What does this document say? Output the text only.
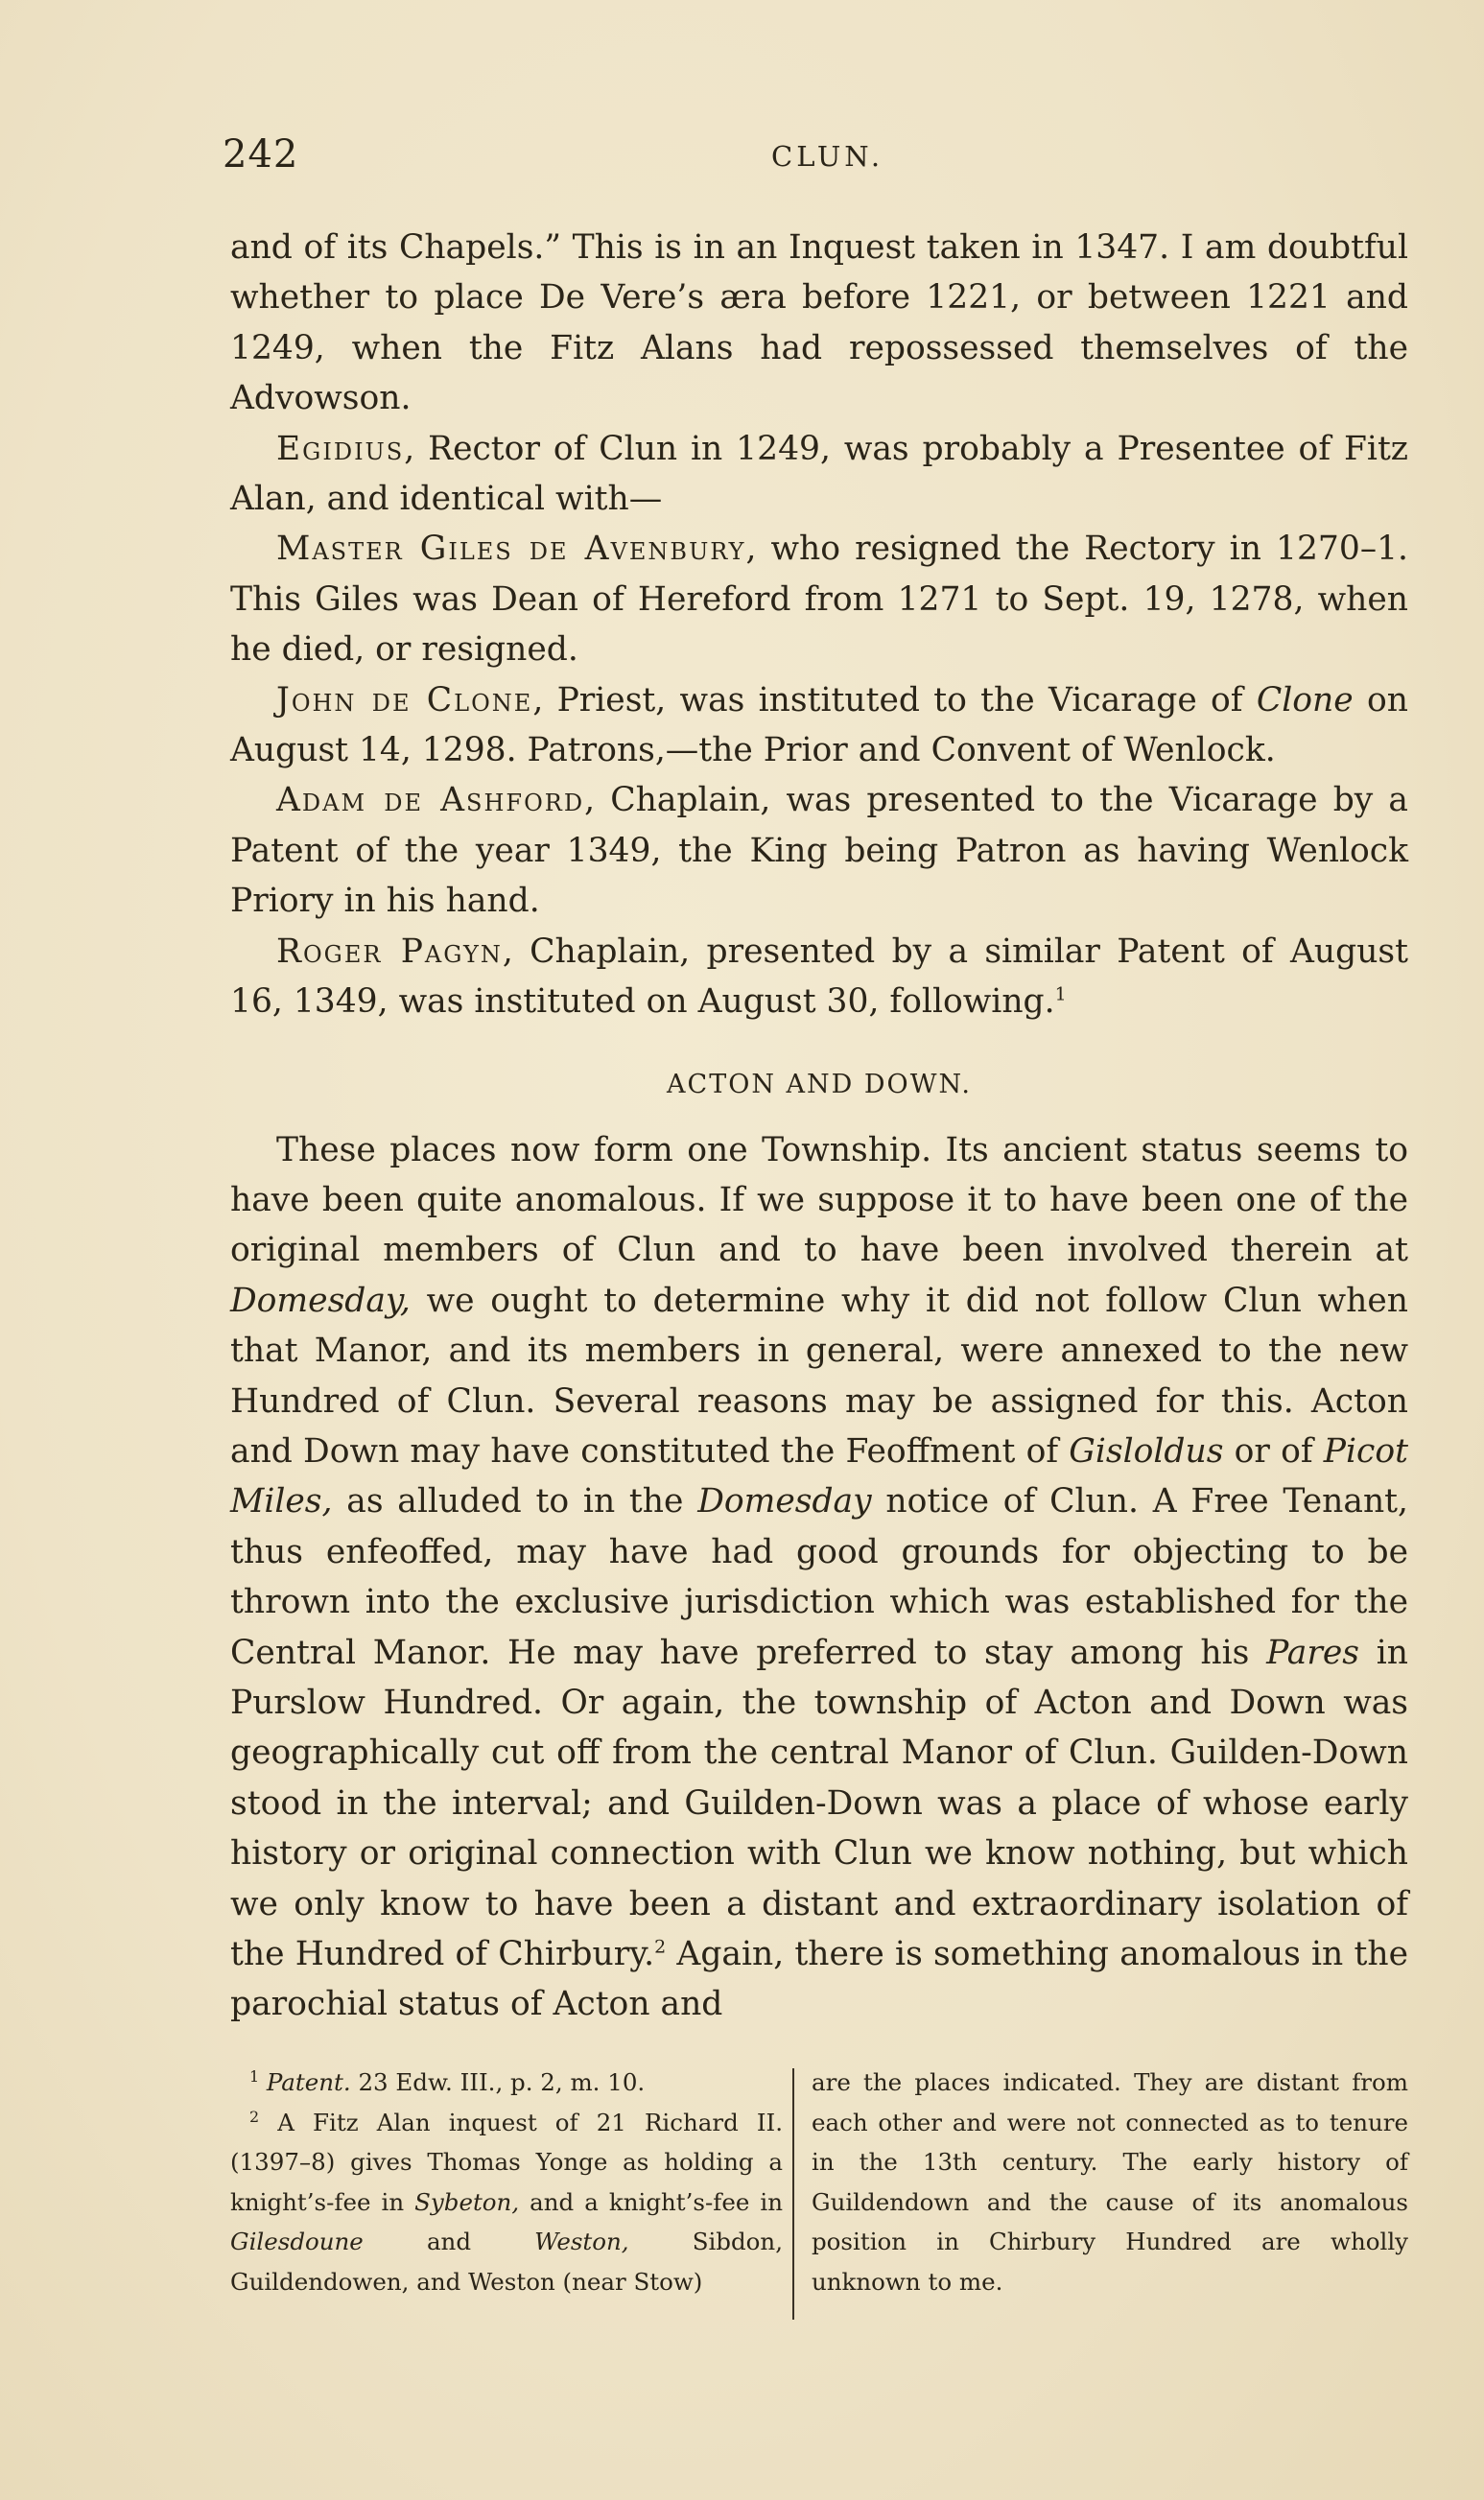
242	CLUN.

and of its Chapels.” This is in an Inquest taken in 1347. I am doubtful whether to place De Vere’s æra before 1221, or between 1221 and 1249, when the Fitz Alans had repossessed themselves of the Advowson.

Egidius, Rector of Clun in 1249, was probably a Presentee of Fitz Alan, and identical with—

Master Giles de Avenbury, who resigned the Rectory in 1270–1. This Giles was Dean of Hereford from 1271 to Sept. 19, 1278, when he died, or resigned.

John de Clone, Priest, was instituted to the Vicarage of Clone on August 14, 1298. Patrons,—the Prior and Convent of Wenlock.

Adam de Ashford, Chaplain, was presented to the Vicarage by a Patent of the year 1349, the King being Patron as having Wenlock Priory in his hand.

Roger Pagyn, Chaplain, presented by a similar Patent of August 16, 1349, was instituted on August 30, following.$^1$

ACTON AND DOWN.

These places now form one Township. Its ancient status seems to have been quite anomalous. If we suppose it to have been one of the original members of Clun and to have been involved therein at Domesday, we ought to determine why it did not follow Clun when that Manor, and its members in general, were annexed to the new Hundred of Clun. Several reasons may be assigned for this. Acton and Down may have constituted the Feoffment of Gisloldus or of Picot Miles, as alluded to in the Domesday notice of Clun. A Free Tenant, thus enfeoffed, may have had good grounds for objecting to be thrown into the exclusive jurisdiction which was established for the Central Manor. He may have preferred to stay among his Pares in Purslow Hundred. Or again, the township of Acton and Down was geographically cut off from the central Manor of Clun. Guilden-Down stood in the interval; and Guilden-Down was a place of whose early history or original connection with Clun we know nothing, but which we only know to have been a distant and extraordinary isolation of the Hundred of Chirbury.$^2$ Again, there is something anomalous in the parochial status of Acton and

$^1$ Patent. 23 Edw. III., p. 2, m. 10.

$^2$ A Fitz Alan inquest of 21 Richard II. (1397–8) gives Thomas Yonge as holding a knight’s-fee in Sybeton, and a knight’s-fee in Gilesdoune and Weston, Sibdon, Guildendowen, and Weston (near Stow)

are the places indicated. They are distant from each other and were not connected as to tenure in the 13th century. The early history of Guildendown and the cause of its anomalous position in Chirbury Hundred are wholly unknown to me.
